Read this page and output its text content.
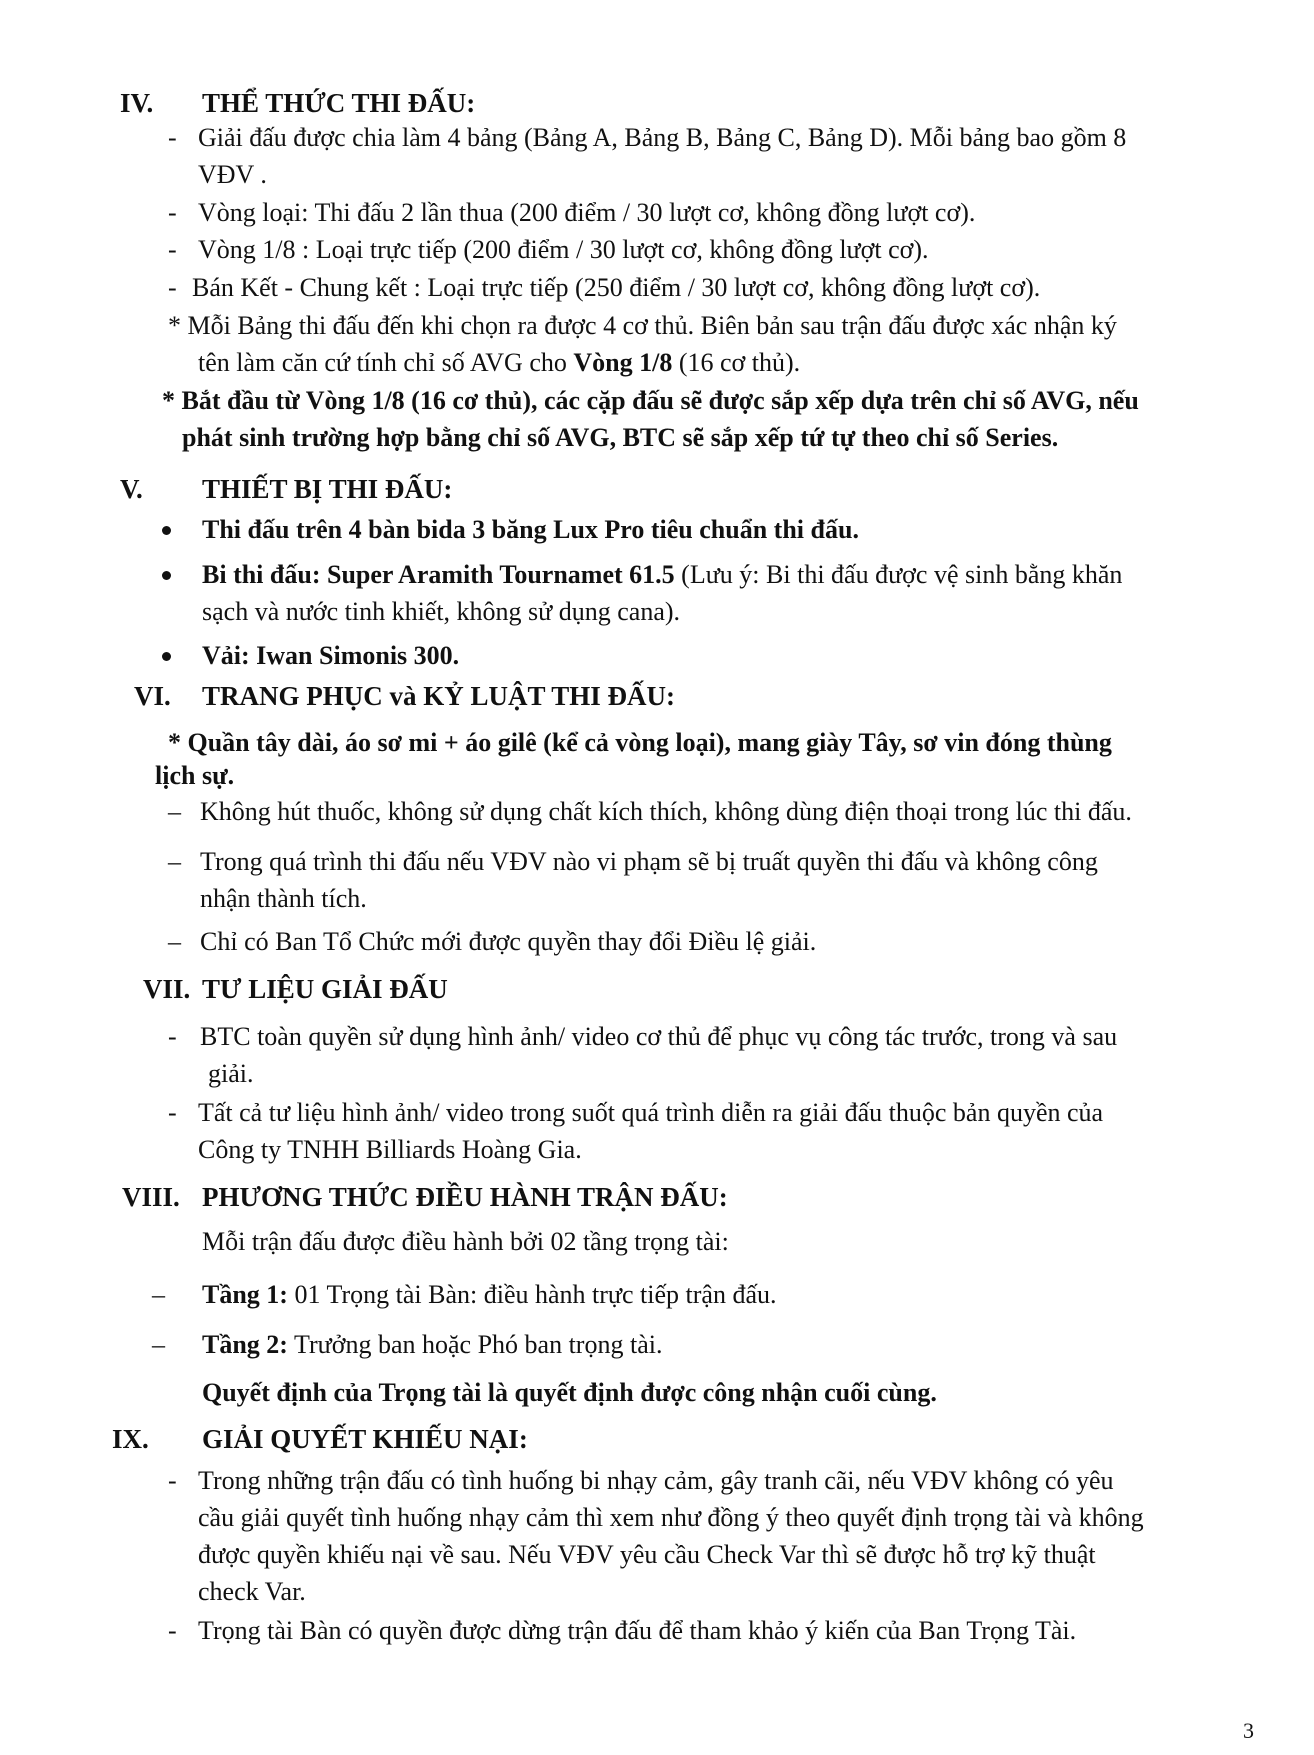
IV. THỂ THỨC THI ĐẤU:
- Giải đấu được chia làm 4 bảng (Bảng A, Bảng B, Bảng C, Bảng D). Mỗi bảng bao gồm 8
VĐV .
- Vòng loại: Thi đấu 2 lần thua (200 điểm / 30 lượt cơ, không đồng lượt cơ).
- Vòng 1/8 : Loại trực tiếp (200 điểm / 30 lượt cơ, không đồng lượt cơ).
- Bán Kết - Chung kết : Loại trực tiếp (250 điểm / 30 lượt cơ, không đồng lượt cơ).
* Mỗi Bảng thi đấu đến khi chọn ra được 4 cơ thủ. Biên bản sau trận đấu được xác nhận ký
tên làm căn cứ tính chỉ số AVG cho Vòng 1/8 (16 cơ thủ).
* Bắt đầu từ Vòng 1/8 (16 cơ thủ), các cặp đấu sẽ được sắp xếp dựa trên chỉ số AVG, nếu
phát sinh trường hợp bằng chỉ số AVG, BTC sẽ sắp xếp tứ tự theo chỉ số Series.
V. THIẾT BỊ THI ĐẤU:
Thi đấu trên 4 bàn bida 3 băng Lux Pro tiêu chuẩn thi đấu.
Bi thi đấu: Super Aramith Tournamet 61.5 (Lưu ý: Bi thi đấu được vệ sinh bằng khăn
sạch và nước tinh khiết, không sử dụng cana).
Vải: Iwan Simonis 300.
VI. TRANG PHỤC và KỶ LUẬT THI ĐẤU:
* Quần tây dài, áo sơ mi + áo gilê (kể cả vòng loại), mang giày Tây, sơ vin đóng thùng
lịch sự.
– Không hút thuốc, không sử dụng chất kích thích, không dùng điện thoại trong lúc thi đấu.
– Trong quá trình thi đấu nếu VĐV nào vi phạm sẽ bị truất quyền thi đấu và không công
nhận thành tích.
– Chỉ có Ban Tổ Chức mới được quyền thay đổi Điều lệ giải.
VII. TƯ LIỆU GIẢI ĐẤU
- BTC toàn quyền sử dụng hình ảnh/ video cơ thủ để phục vụ công tác trước, trong và sau
giải.
- Tất cả tư liệu hình ảnh/ video trong suốt quá trình diễn ra giải đấu thuộc bản quyền của
Công ty TNHH Billiards Hoàng Gia.
VIII. PHƯƠNG THỨC ĐIỀU HÀNH TRẬN ĐẤU:
Mỗi trận đấu được điều hành bởi 02 tầng trọng tài:
– Tầng 1: 01 Trọng tài Bàn: điều hành trực tiếp trận đấu.
– Tầng 2: Trưởng ban hoặc Phó ban trọng tài.
Quyết định của Trọng tài là quyết định được công nhận cuối cùng.
IX. GIẢI QUYẾT KHIẾU NẠI:
- Trong những trận đấu có tình huống bi nhạy cảm, gây tranh cãi, nếu VĐV không có yêu
cầu giải quyết tình huống nhạy cảm thì xem như đồng ý theo quyết định trọng tài và không
được quyền khiếu nại về sau. Nếu VĐV yêu cầu Check Var thì sẽ được hỗ trợ kỹ thuật
check Var.
- Trọng tài Bàn có quyền được dừng trận đấu để tham khảo ý kiến của Ban Trọng Tài.
3
